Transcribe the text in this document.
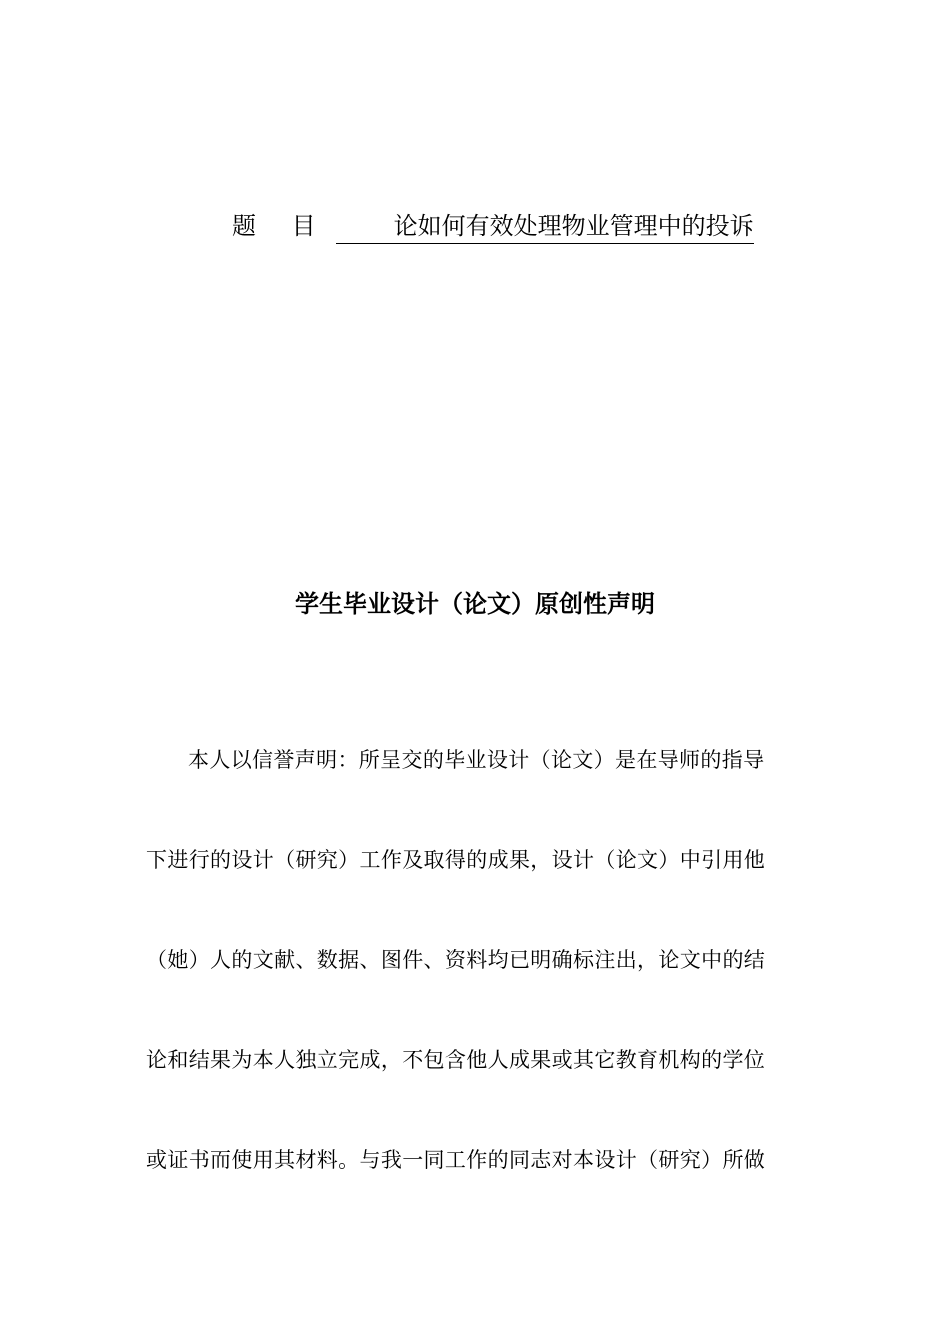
题 目	论如何有效处理物业管理中的投诉
学生毕业设计（论文）原创性声明
本人以信誉声明：所呈交的毕业设计（论文）是在导师的指导
下进行的设计（研究）工作及取得的成果，设计（论文）中引用他
（她）人的文献、数据、图件、资料均已明确标注出，论文中的结
论和结果为本人独立完成，不包含他人成果或其它教育机构的学位
或证书而使用其材料。与我一同工作的同志对本设计（研究）所做
